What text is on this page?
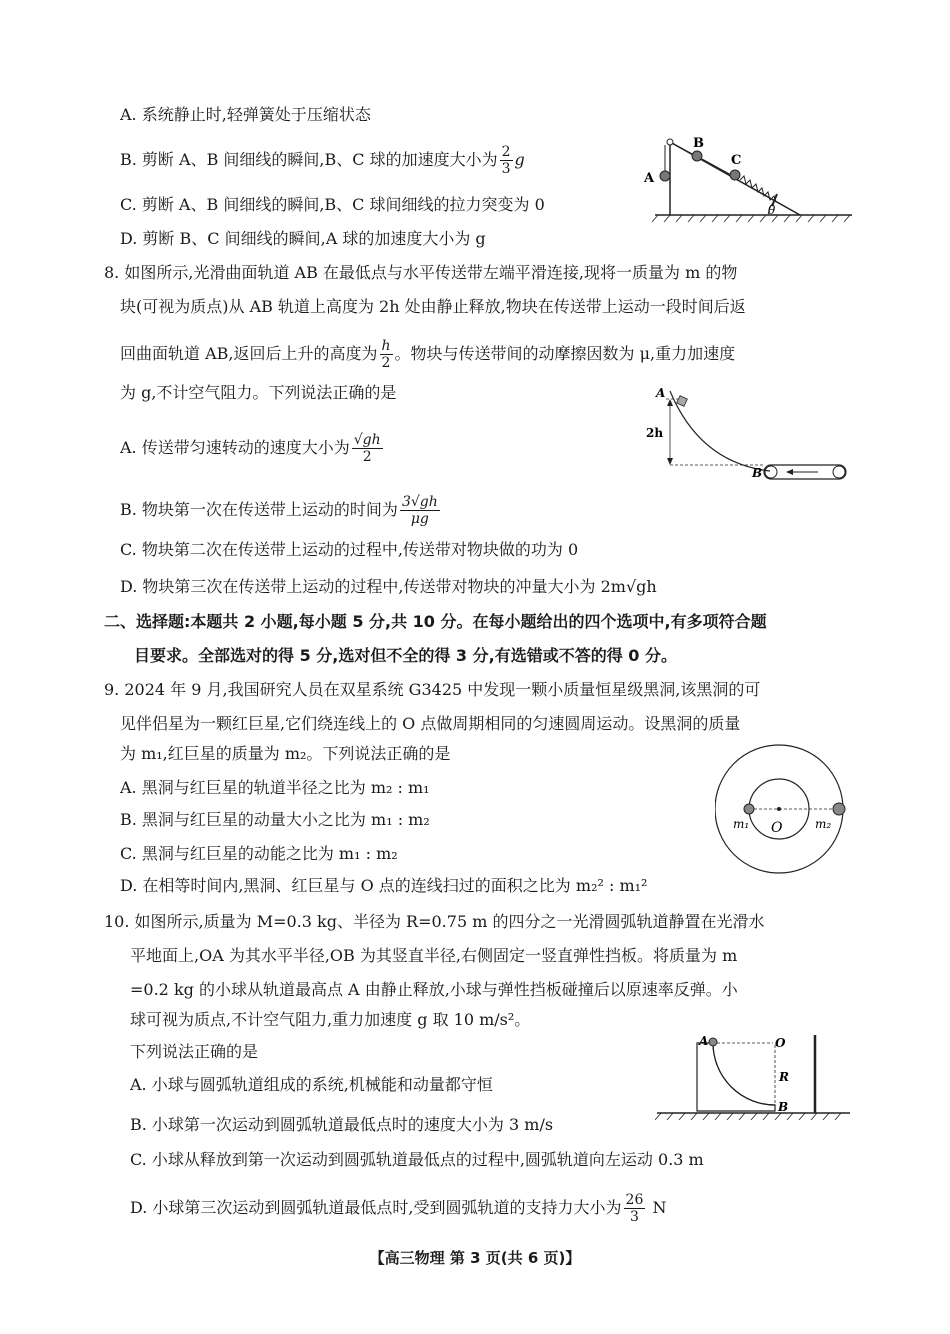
A. 系统静止时,轻弹簧处于压缩状态
B. 剪断 A、B 间细线的瞬间,B、C 球的加速度大小为 $\frac{2}{3}$ g
C. 剪断 A、B 间细线的瞬间,B、C 球间细线的拉力突变为 0
D. 剪断 B、C 间细线的瞬间,A 球的加速度大小为 g
A
B
C
θ
8. 如图所示,光滑曲面轨道 AB 在最低点与水平传送带左端平滑连接,现将一质量为 m 的物
块(可视为质点)从 AB 轨道上高度为 2h 处由静止释放,物块在传送带上运动一段时间后返
回曲面轨道 AB,返回后上升的高度为 $\frac{h}{2}$ 。物块与传送带间的动摩擦因数为 μ,重力加速度
为 g,不计空气阻力。下列说法正确的是
A. 传送带匀速转动的速度大小为 $\frac{√gh}{2}$
B. 物块第一次在传送带上运动的时间为 $\frac{3√gh}{\mu g}$
C. 物块第二次在传送带上运动的过程中,传送带对物块做的功为 0
D. 物块第三次在传送带上运动的过程中,传送带对物块的冲量大小为 2m√gh
A
2h
B
二、选择题:本题共 2 小题,每小题 5 分,共 10 分。在每小题给出的四个选项中,有多项符合题
目要求。全部选对的得 5 分,选对但不全的得 3 分,有选错或不答的得 0 分。
9. 2024 年 9 月,我国研究人员在双星系统 G3425 中发现一颗小质量恒星级黑洞,该黑洞的可
见伴侣星为一颗红巨星,它们绕连线上的 O 点做周期相同的匀速圆周运动。设黑洞的质量
为 m₁,红巨星的质量为 m₂。下列说法正确的是
A. 黑洞与红巨星的轨道半径之比为 m₂ : m₁
B. 黑洞与红巨星的动量大小之比为 m₁ : m₂
C. 黑洞与红巨星的动能之比为 m₁ : m₂
D. 在相等时间内,黑洞、红巨星与 O 点的连线扫过的面积之比为 m₂² : m₁²
m₁ O	m₂
10. 如图所示,质量为 M=0.3 kg、半径为 R=0.75 m 的四分之一光滑圆弧轨道静置在光滑水
平地面上,OA 为其水平半径,OB 为其竖直半径,右侧固定一竖直弹性挡板。将质量为 m
=0.2 kg 的小球从轨道最高点 A 由静止释放,小球与弹性挡板碰撞后以原速率反弹。小
球可视为质点,不计空气阻力,重力加速度 g 取 10 m/s²。
下列说法正确的是
A. 小球与圆弧轨道组成的系统,机械能和动量都守恒
B. 小球第一次运动到圆弧轨道最低点时的速度大小为 3 m/s
C. 小球从释放到第一次运动到圆弧轨道最低点的过程中,圆弧轨道向左运动 0.3 m
D. 小球第三次运动到圆弧轨道最低点时,受到圆弧轨道的支持力大小为 $\frac{26}{3}$ N
A	O
R
B
【高三物理 第 3 页(共 6 页)】
